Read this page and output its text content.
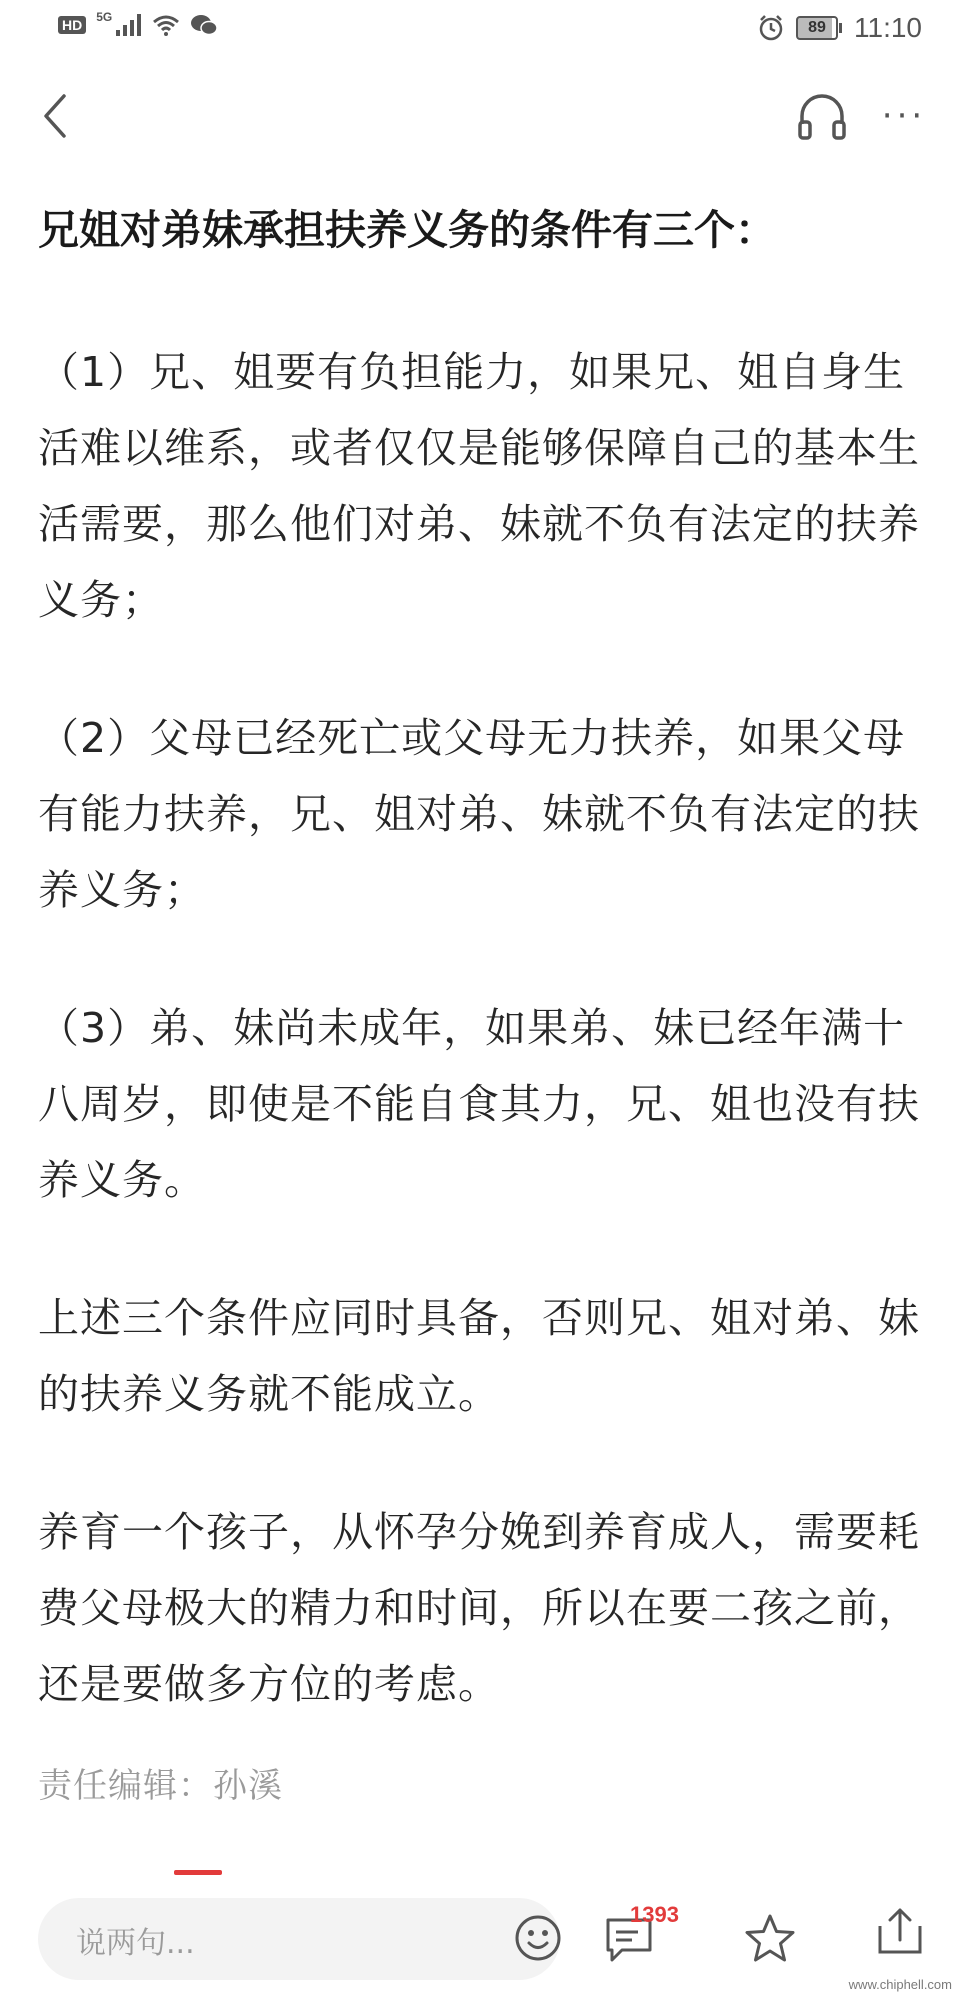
HD	5G
89	11:10
···
兄姐对弟妹承担扶养义务的条件有三个：

（1）兄、姐要有负担能力，如果兄、姐自身生活难以维系，或者仅仅是能够保障自己的基本生活需要，那么他们对弟、妹就不负有法定的扶养义务；

（2）父母已经死亡或父母无力扶养，如果父母有能力扶养，兄、姐对弟、妹就不负有法定的扶养义务；

（3）弟、妹尚未成年，如果弟、妹已经年满十八周岁，即使是不能自食其力，兄、姐也没有扶养义务。

上述三个条件应同时具备，否则兄、姐对弟、妹的扶养义务就不能成立。

养育一个孩子，从怀孕分娩到养育成人，需要耗费父母极大的精力和时间，所以在要二孩之前，还是要做多方位的考虑。

责任编辑：孙溪
说两句...
1393
www.chiphell.com
